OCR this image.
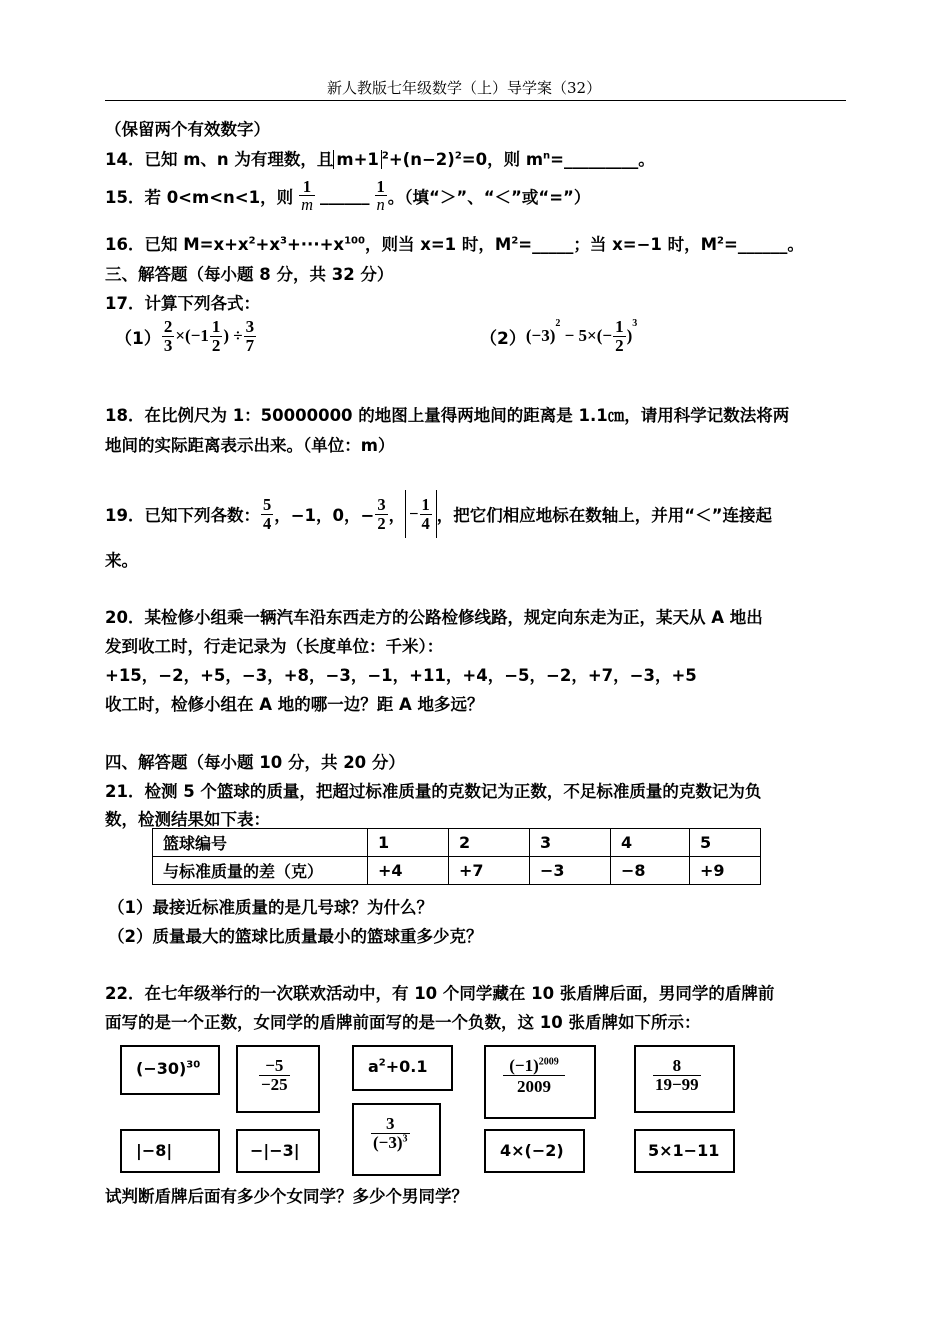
新人教版七年级数学（上）导学案（32）
（保留两个有效数字）
14．已知 m、n 为有理数，且 m+1 $^2+(n-2)^2=0$，则 $m^n=\_\_\_\_\_\_\_\_\_$。
15．若 0<m<n<1，则 $\frac{1}{m}$ ______ $\frac{1}{n}$ 。（填“＞”、“＜”或“=”）
16．已知 $M=x+x^2+x^3+\cdot\cdot\cdot+x^{100}$，则当 x=1 时，$M^2=\_\_\_\_\_$；当 x=−1 时，$M^2=\_\_\_\_\_\_$。
三、解答题（每小题 8 分，共 32 分）
17．计算下列各式：
$(1) \frac{2}{3} \times(-1 \frac{1}{2}$ ) ÷ $\frac{3}{7}$	（2） (−3)
$^2$
− $5\times(- \frac{1}{2}$ )
$^3$
18．在比例尺为 1：50000000 的地图上量得两地间的距离是 1.1㎝，请用科学记数法将两
地间的实际距离表示出来。（单位：m）
19．已知下列各数： $\frac{5}{4}$ ，−1，0，− $\frac{3}{2}$ ， − $\frac{1}{4}$ ，把它们相应地标在数轴上，并用“＜”连接起
来。
20．某检修小组乘一辆汽车沿东西走方的公路检修线路，规定向东走为正，某天从 A 地出
发到收工时，行走记录为（长度单位：千米）：
+15，−2，+5，−3，+8，−3，−1，+11，+4，−5，−2，+7，−3，+5
收工时，检修小组在 A 地的哪一边？距 A 地多远？
四、解答题（每小题 10 分，共 20 分）
21．检测 5 个篮球的质量，把超过标准质量的克数记为正数，不足标准质量的克数记为负
数，检测结果如下表：
篮球编号	1	2	3	4	5
与标准质量的差（克）	+4	+7	−3	−8	+9
（1）最接近标准质量的是几号球？为什么？
（2）质量最大的篮球比质量最小的篮球重多少克？
22．在七年级举行的一次联欢活动中，有 10 个同学藏在 10 张盾牌后面，男同学的盾牌前
面写的是一个正数，女同学的盾牌前面写的是一个负数，这 10 张盾牌如下所示：
$(-30)^{30}$	$\frac{-5}{-25}$	$a^2+0.1$	$\frac{(-1)^{2009}}{2009}$	$\frac{8}{19-99}$
|−8|	−|−3|	$\frac{3}{(-3)^3}$	4×(−2)	5×1−11
试判断盾牌后面有多少个女同学？多少个男同学？
